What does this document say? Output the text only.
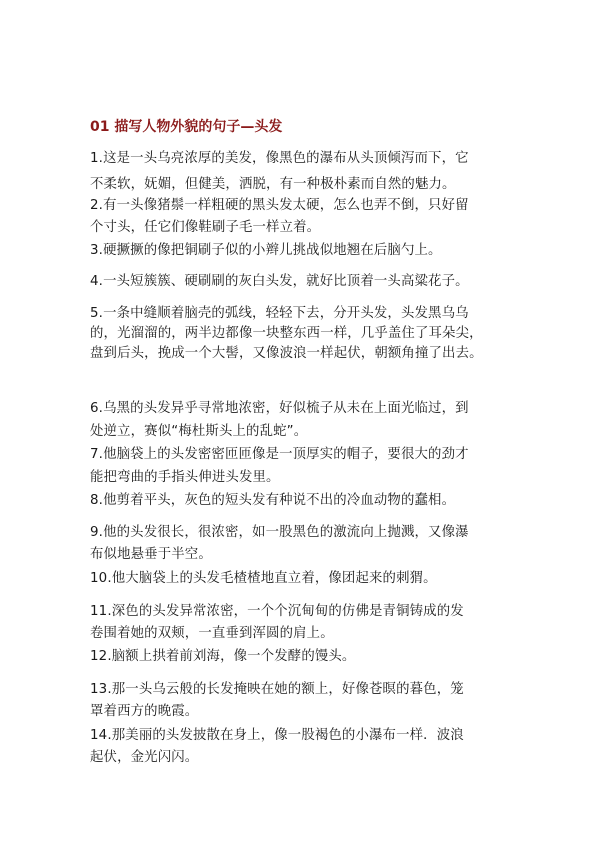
01 描写人物外貌的句子—头发
1.这是一头乌亮浓厚的美发，像黑色的瀑布从头顶倾泻而下，它
不柔软，妩媚，但健美，洒脱，有一种极朴素而自然的魅力。
2.有一头像猪鬃一样粗硬的黑头发太硬，怎么也弄不倒，只好留
个寸头，任它们像鞋刷子毛一样立着。
3.硬撅撅的像把铜刷子似的小辫儿挑战似地翘在后脑勺上。
4.一头短簇簇、硬刷刷的灰白头发，就好比顶着一头高粱花子。
5.一条中缝顺着脑壳的弧线，轻轻下去，分开头发，头发黑乌乌
的，光溜溜的，两半边都像一块整东西一样，几乎盖住了耳朵尖，
盘到后头，挽成一个大髻，又像波浪一样起伏，朝额角撞了出去。
6.乌黑的头发异乎寻常地浓密，好似梳子从未在上面光临过，到
处逆立，赛似“梅杜斯头上的乱蛇”。
7.他脑袋上的头发密密匝匝像是一顶厚实的帽子，要很大的劲才
能把弯曲的手指头伸进头发里。
8.他剪着平头，灰色的短头发有种说不出的冷血动物的蠢相。
9.他的头发很长，很浓密，如一股黑色的激流向上抛溅，又像瀑
布似地悬垂于半空。
10.他大脑袋上的头发毛楂楂地直立着，像团起来的刺猬。
11.深色的头发异常浓密，一个个沉甸甸的仿佛是青铜铸成的发
卷围着她的双颊，一直垂到浑圆的肩上。
12.脑额上拱着前刘海，像一个发酵的馒头。
13.那一头乌云般的长发掩映在她的额上，好像苍暝的暮色，笼
罩着西方的晚霞。
14.那美丽的头发披散在身上，像一股褐色的小瀑布一样．波浪
起伏，金光闪闪。
